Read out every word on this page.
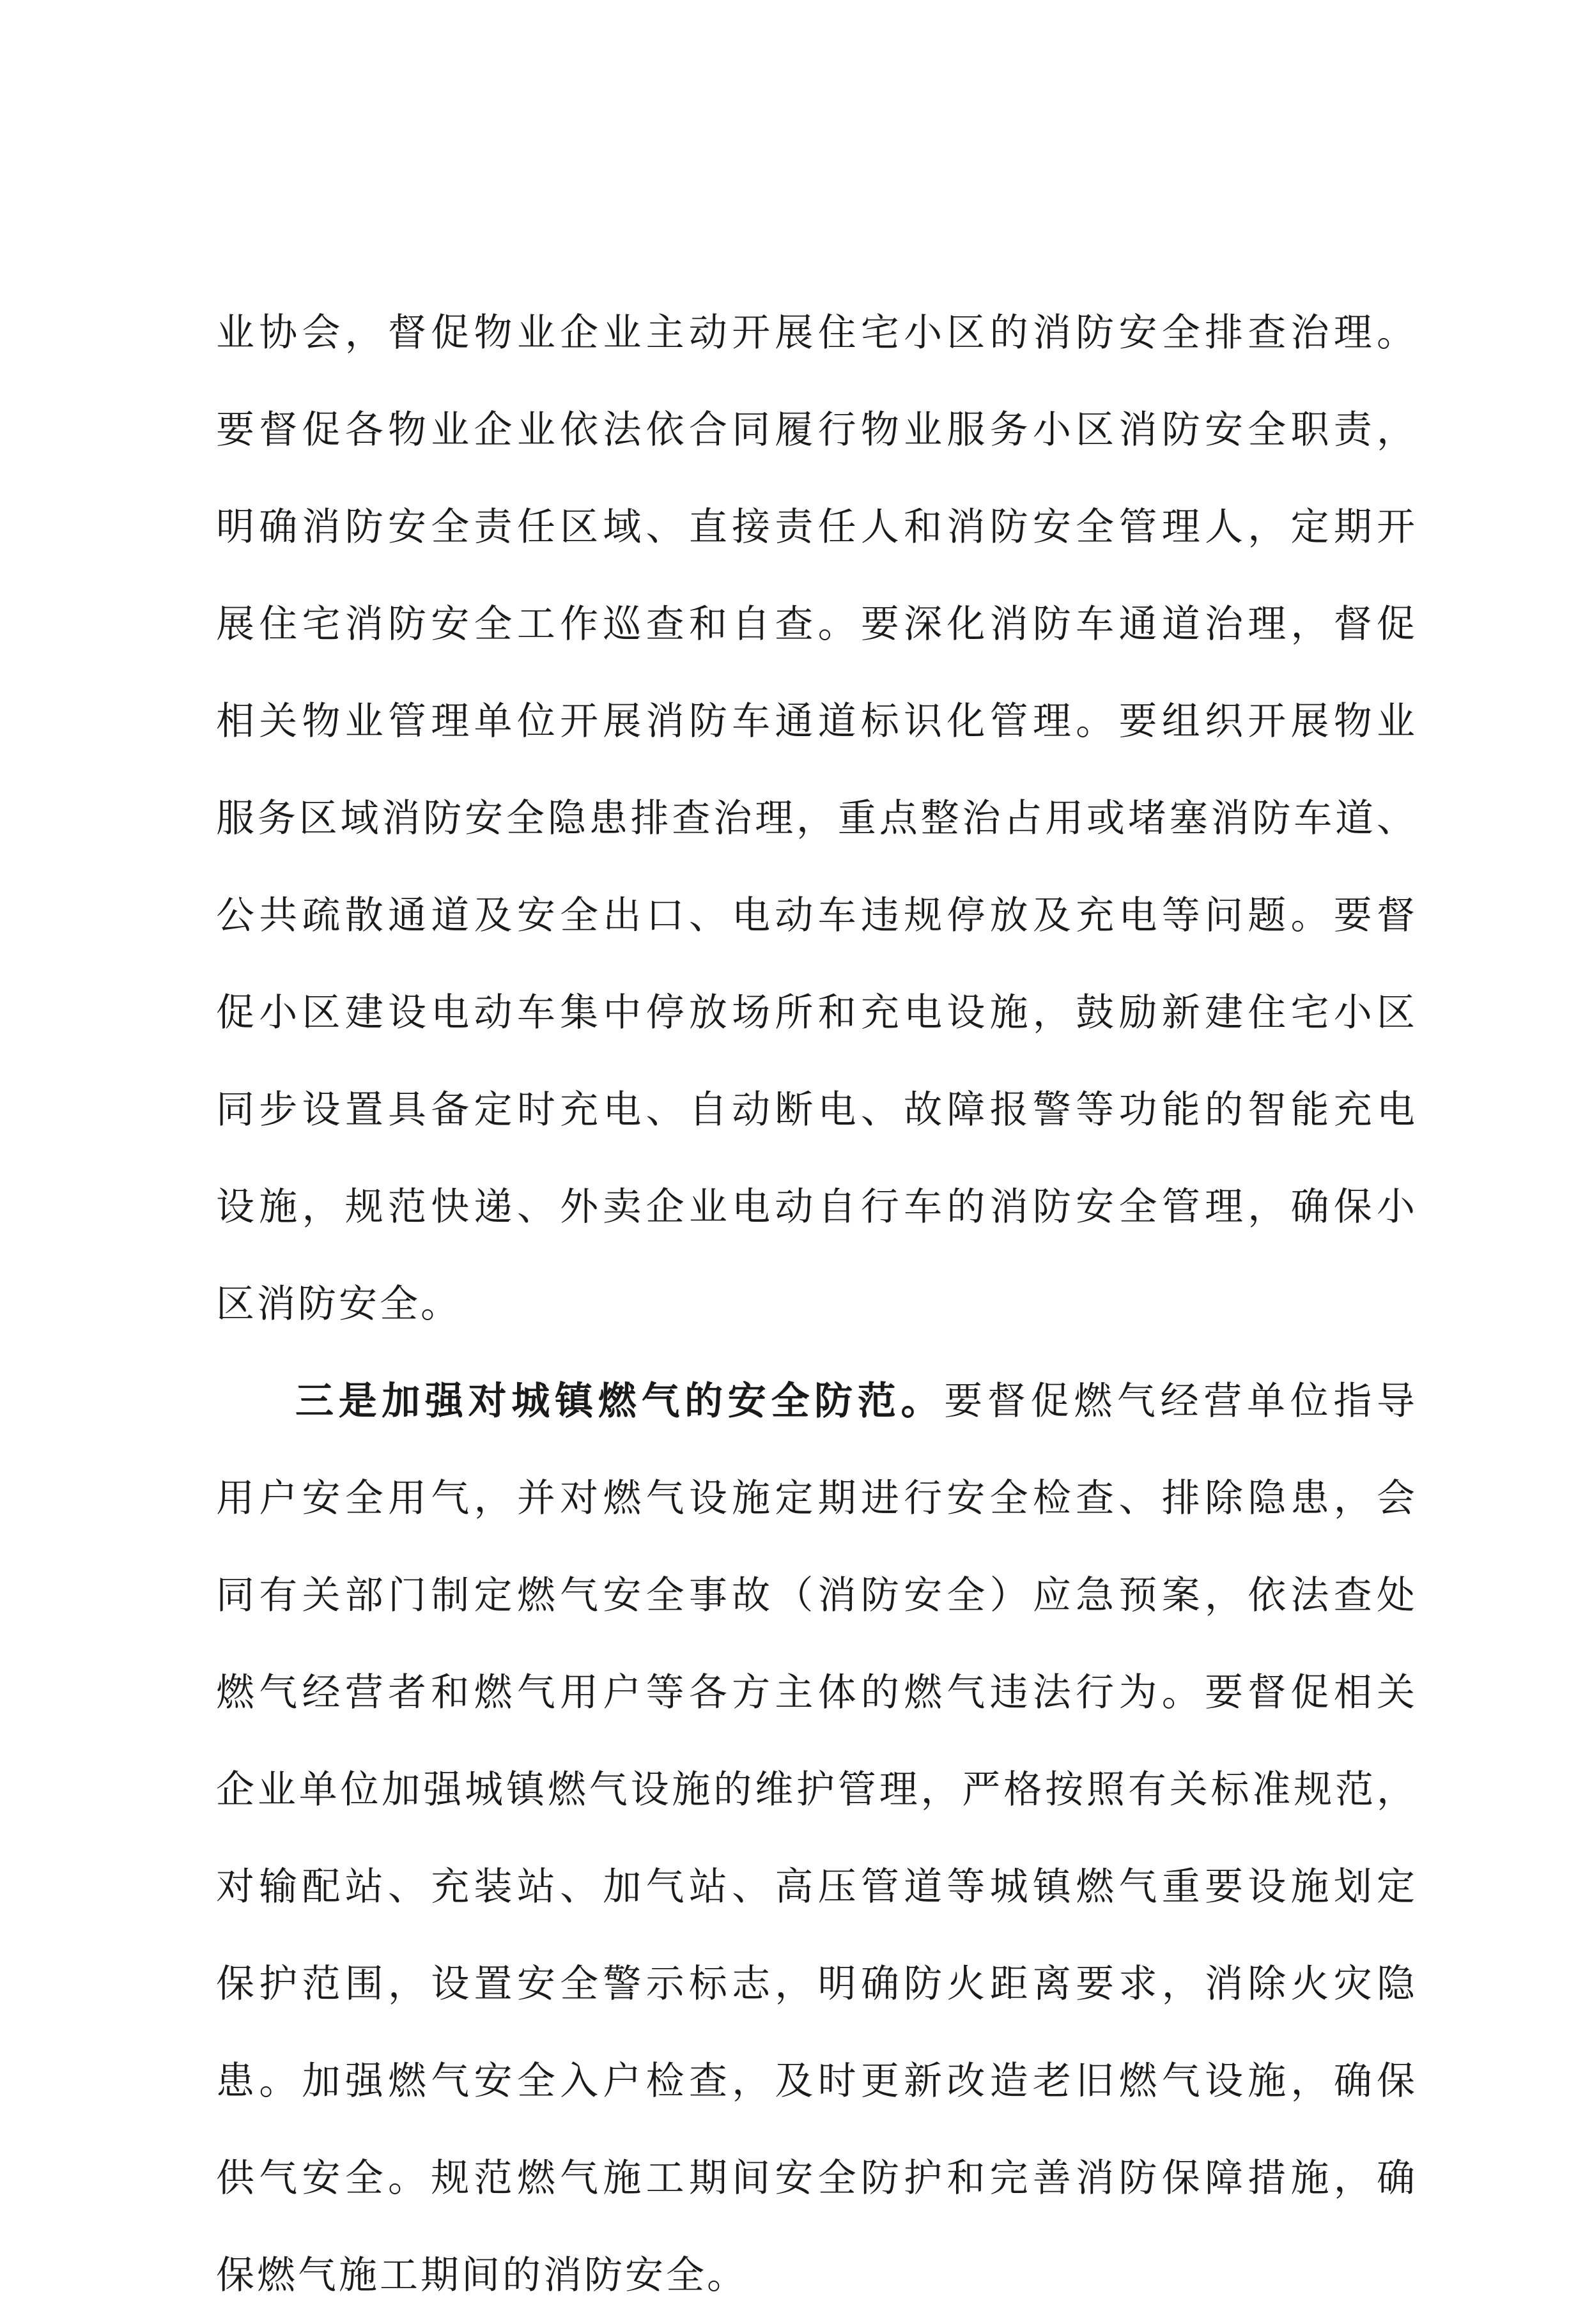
业协会，督促物业企业主动开展住宅小区的消防安全排查治理。
要督促各物业企业依法依合同履行物业服务小区消防安全职责，
明确消防安全责任区域、直接责任人和消防安全管理人，定期开
展住宅消防安全工作巡查和自查。要深化消防车通道治理，督促
相关物业管理单位开展消防车通道标识化管理。要组织开展物业
服务区域消防安全隐患排查治理，重点整治占用或堵塞消防车道、
公共疏散通道及安全出口、电动车违规停放及充电等问题。要督
促小区建设电动车集中停放场所和充电设施，鼓励新建住宅小区
同步设置具备定时充电、自动断电、故障报警等功能的智能充电
设施，规范快递、外卖企业电动自行车的消防安全管理，确保小
区消防安全。
三是加强对城镇燃气的安全防范。要督促燃气经营单位指导
用户安全用气，并对燃气设施定期进行安全检查、排除隐患，会
同有关部门制定燃气安全事故（消防安全）应急预案，依法查处
燃气经营者和燃气用户等各方主体的燃气违法行为。要督促相关
企业单位加强城镇燃气设施的维护管理，严格按照有关标准规范，
对输配站、充装站、加气站、高压管道等城镇燃气重要设施划定
保护范围，设置安全警示标志，明确防火距离要求，消除火灾隐
患。加强燃气安全入户检查，及时更新改造老旧燃气设施，确保
供气安全。规范燃气施工期间安全防护和完善消防保障措施，确
保燃气施工期间的消防安全。
